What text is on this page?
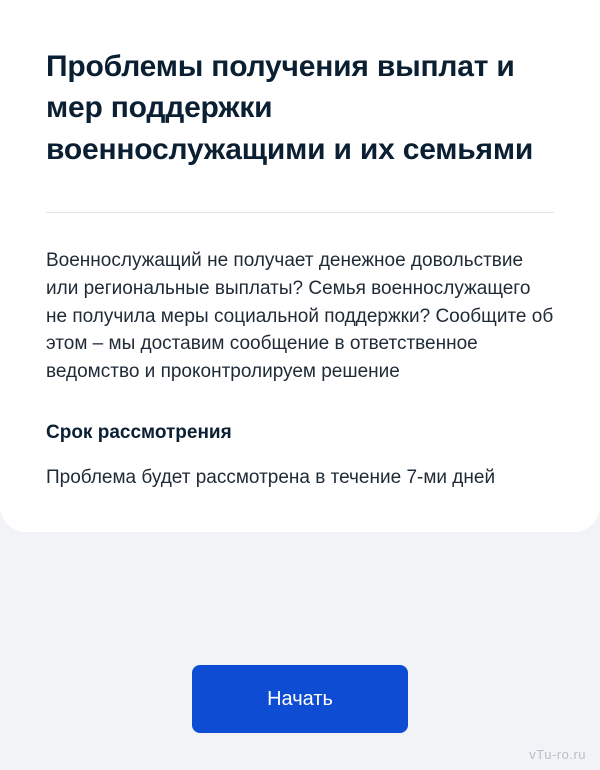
Проблемы получения выплат и мер поддержки военнослужащими и их семьями

Военнослужащий не получает денежное довольствие или региональные выплаты? Семья военнослужащего не получила меры социальной поддержки? Сообщите об этом – мы доставим сообщение в ответственное ведомство и проконтролируем решение

Срок рассмотрения

Проблема будет рассмотрена в течение 7-ми дней

Начать
vTu-ro.ru
